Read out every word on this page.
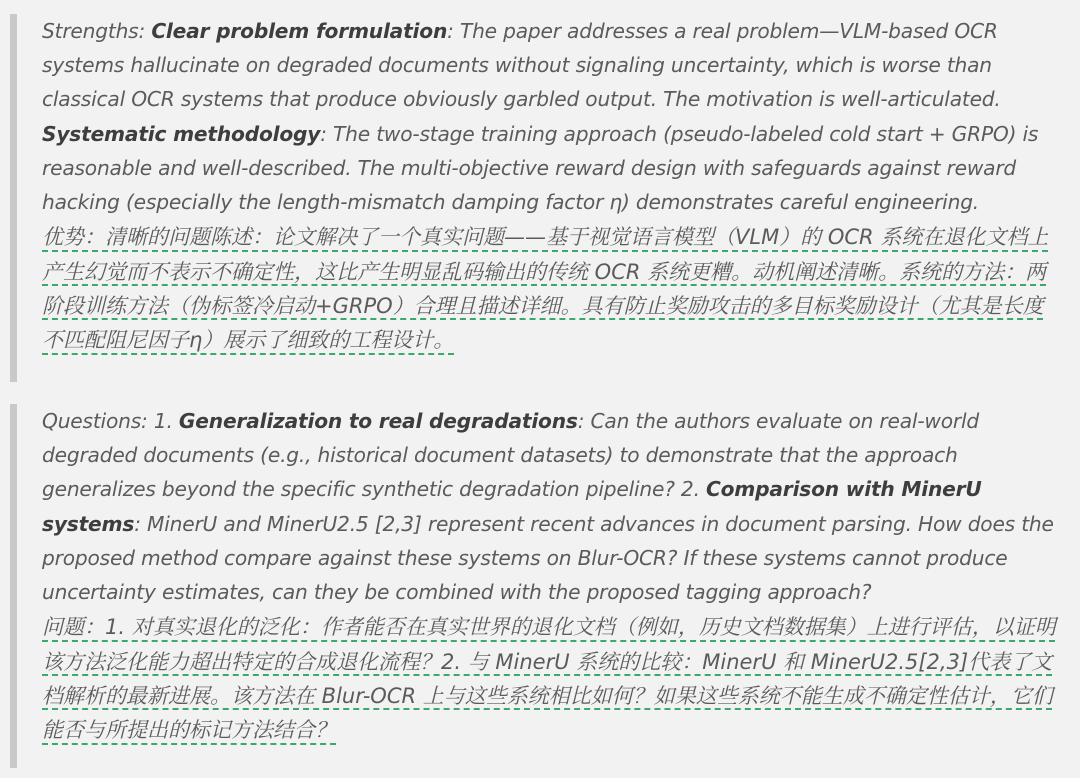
Strengths: Clear problem formulation: The paper addresses a real problem—VLM-based OCR systems hallucinate on degraded documents without signaling uncertainty, which is worse than classical OCR systems that produce obviously garbled output. The motivation is well-articulated. Systematic methodology: The two-stage training approach (pseudo-labeled cold start + GRPO) is reasonable and well-described. The multi-objective reward design with safeguards against reward hacking (especially the length-mismatch damping factor η) demonstrates careful engineering.

优势：清晰的问题陈述：论文解决了一个真实问题——基于视觉语言模型（VLM）的 OCR 系统在退化文档上产生幻觉而不表示不确定性，这比产生明显乱码输出的传统 OCR 系统更糟。动机阐述清晰。系统的方法：两阶段训练方法（伪标签冷启动+GRPO）合理且描述详细。具有防止奖励攻击的多目标奖励设计（尤其是长度不匹配阻尼因子η）展示了细致的工程设计。

Questions: 1. Generalization to real degradations: Can the authors evaluate on real-world degraded documents (e.g., historical document datasets) to demonstrate that the approach generalizes beyond the specific synthetic degradation pipeline? 2. Comparison with MinerU systems: MinerU and MinerU2.5 [2,3] represent recent advances in document parsing. How does the proposed method compare against these systems on Blur-OCR? If these systems cannot produce uncertainty estimates, can they be combined with the proposed tagging approach?

问题：1. 对真实退化的泛化：作者能否在真实世界的退化文档（例如，历史文档数据集）上进行评估，以证明该方法泛化能力超出特定的合成退化流程？2. 与 MinerU 系统的比较：MinerU 和 MinerU2.5[2,3]代表了文档解析的最新进展。该方法在 Blur-OCR 上与这些系统相比如何？如果这些系统不能生成不确定性估计，它们能否与所提出的标记方法结合？
